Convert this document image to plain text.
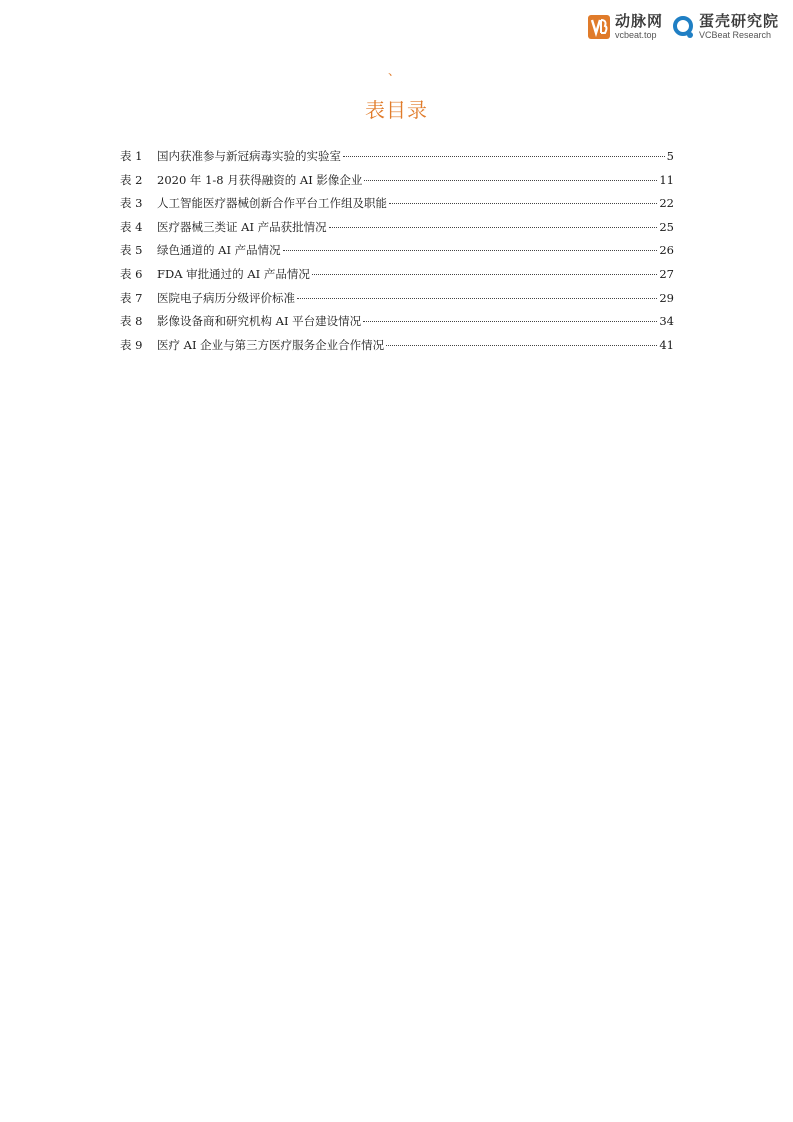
动脉网
vcbeat.top
蛋壳研究院
VCBeat Research
、
表目录
表 1	国内获准参与新冠病毒实验的实验室	5
表 2	2020 年 1-8 月获得融资的 AI 影像企业	11
表 3	人工智能医疗器械创新合作平台工作组及职能	22
表 4	医疗器械三类证 AI 产品获批情况	25
表 5	绿色通道的 AI 产品情况	26
表 6	FDA 审批通过的 AI 产品情况	27
表 7	医院电子病历分级评价标准	29
表 8	影像设备商和研究机构 AI 平台建设情况	34
表 9	医疗 AI 企业与第三方医疗服务企业合作情况	41
